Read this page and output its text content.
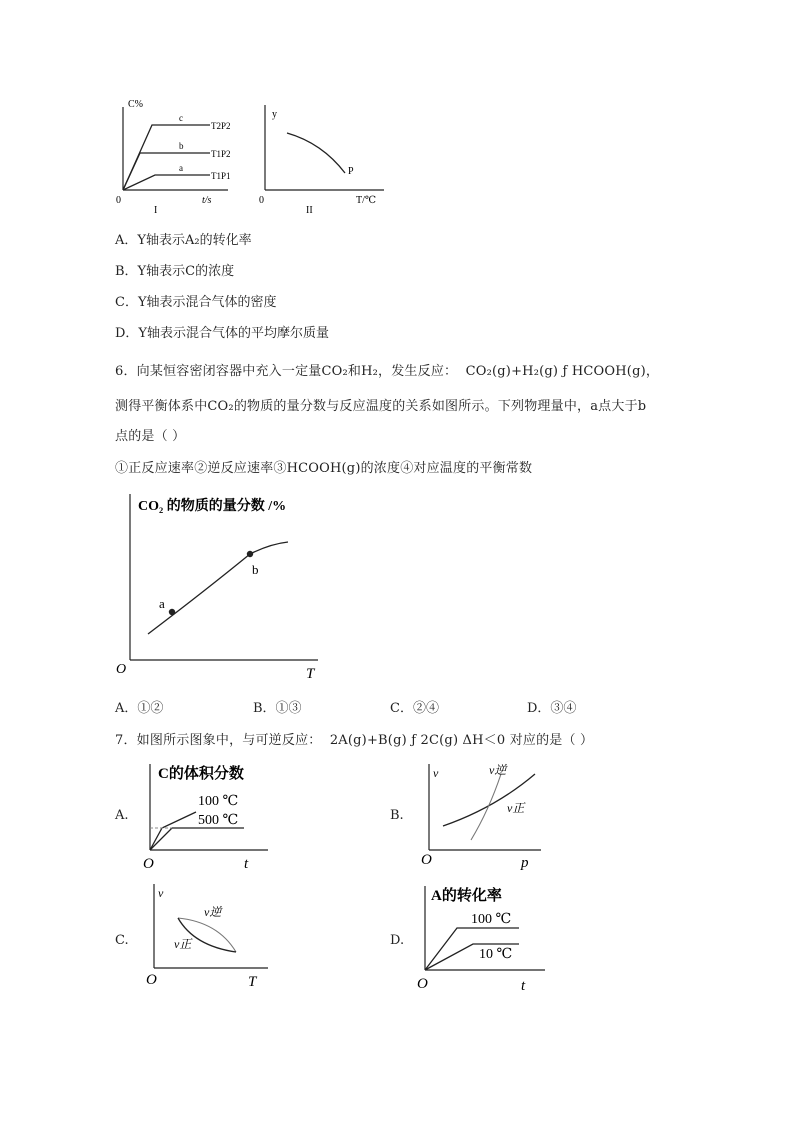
C%
0	t/s
I
c
b
a
T2P2
T1P2
T1P1
y
0	T/℃
II
P
A．Y轴表示A₂的转化率
B．Y轴表示C的浓度
C．Y轴表示混合气体的密度
D．Y轴表示混合气体的平均摩尔质量
6．向某恒容密闭容器中充入一定量CO₂和H₂，发生反应： CO₂(g)+H₂(g) ƒ HCOOH(g)，
测得平衡体系中CO₂的物质的量分数与反应温度的关系如图所示。下列物理量中，a点大于b
点的是（ ）
①正反应速率②逆反应速率③HCOOH(g)的浓度④对应温度的平衡常数
CO₂ 的物质的量分数 /%
O	T
a
b
A．①②	B．①③	C．②④	D．③④
7．如图所示图象中，与可逆反应： 2A(g)+B(g) ƒ 2C(g) ΔH＜0 对应的是（ ）
A.
C的体积分数
O	t
100 ℃
500 ℃	B.
v
O	p
v逆
v正
C.
v
O	T
v逆
v正	D.
A的转化率
O	t
100 ℃
10 ℃
